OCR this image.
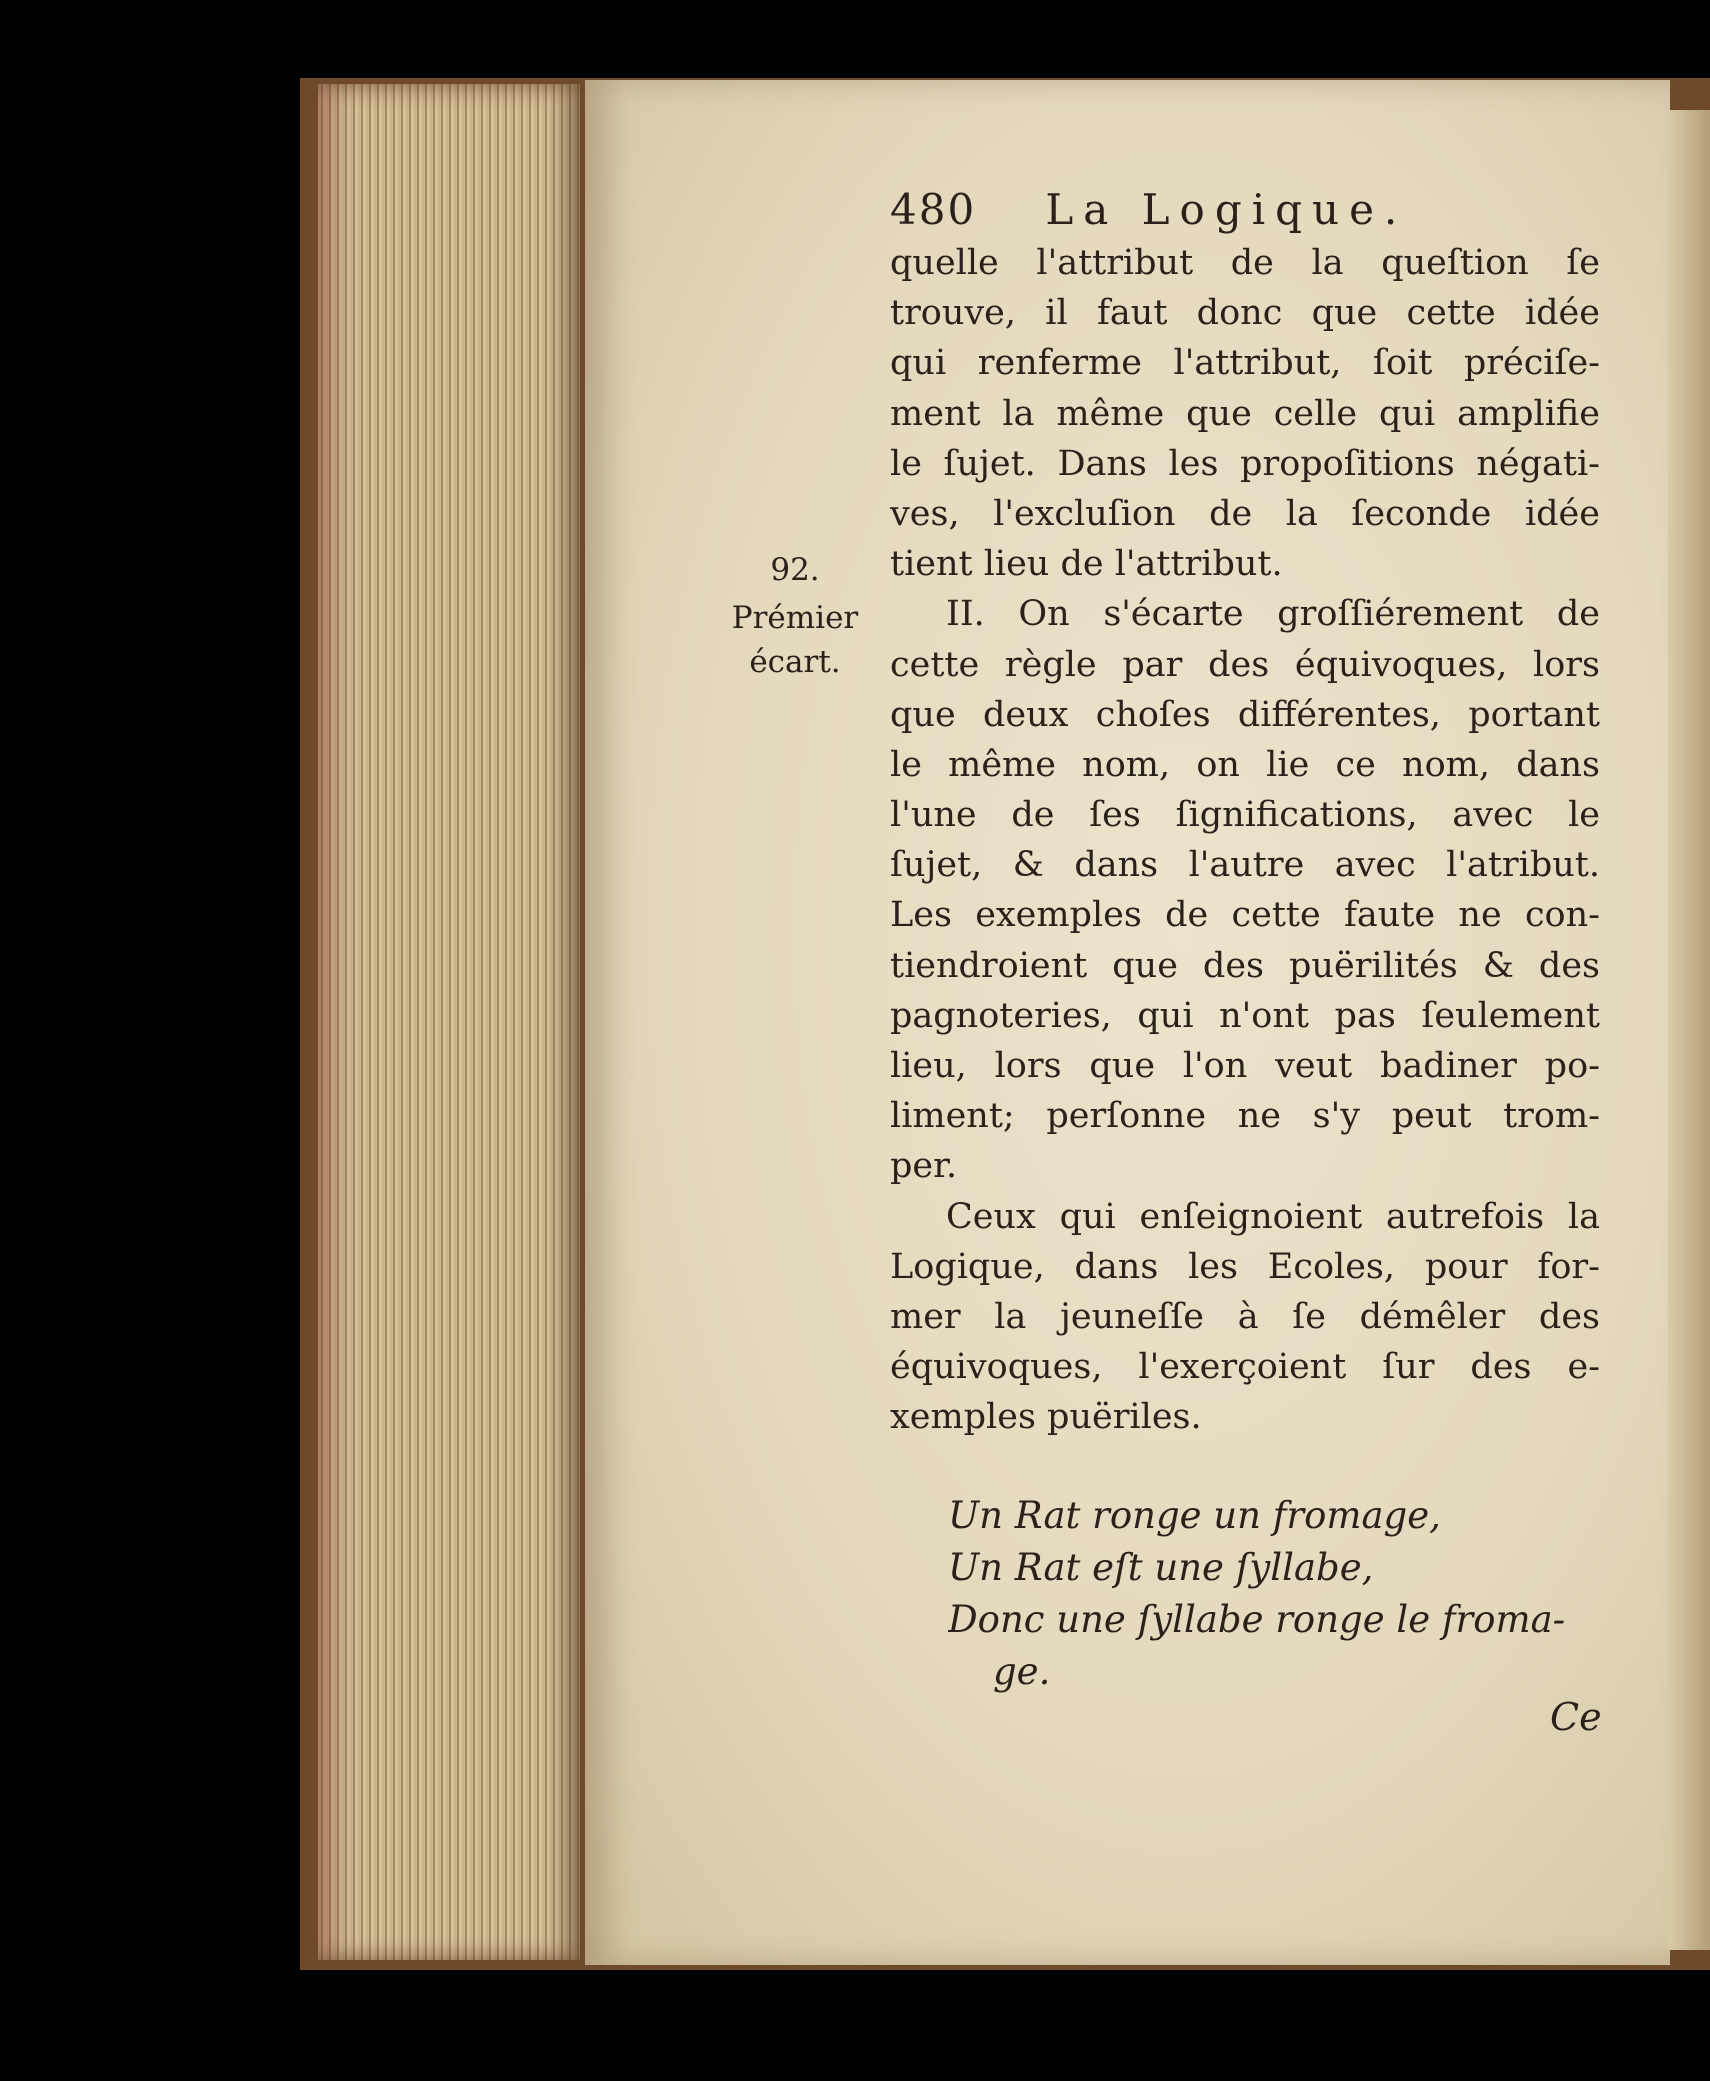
480 La Logique.
92.
Prémier
écart.
quelle l'attribut de la queſtion ſe
trouve, il faut donc que cette idée
qui renferme l'attribut, ſoit préciſe-
ment la même que celle qui amplifie
le ſujet. Dans les propoſitions négati-
ves, l'excluſion de la ſeconde idée
tient lieu de l'attribut.
II. On s'écarte groſſiérement de
cette règle par des équivoques, lors
que deux choſes différentes, portant
le même nom, on lie ce nom, dans
l'une de ſes ſignifications, avec le
ſujet, & dans l'autre avec l'atribut.
Les exemples de cette faute ne con-
tiendroient que des puërilités & des
pagnoteries, qui n'ont pas ſeulement
lieu, lors que l'on veut badiner po-
liment; perſonne ne s'y peut trom-
per.
Ceux qui enſeignoient autrefois la
Logique, dans les Ecoles, pour for-
mer la jeuneſſe à ſe démêler des
équivoques, l'exerçoient ſur des e-
xemples puëriles.
Un Rat ronge un fromage,
Un Rat eſt une ſyllabe,
Donc une ſyllabe ronge le froma-
ge.
Ce
